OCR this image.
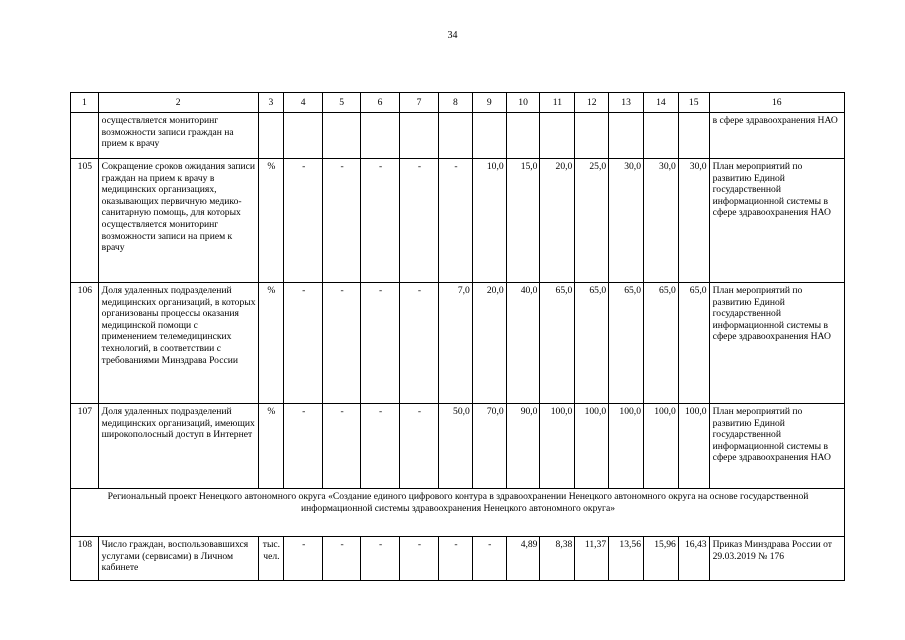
34
1	2	3	4	5	6	7	8	9	10	11	12	13	14	15	16
	осуществляется мониторинг возможности записи граждан на прием к врачу														в сфере здравоохранения НАО
105	Сокращение сроков ожидания записи граждан на прием к врачу в медицинских организациях, оказывающих первичную медико-санитарную помощь, для которых осуществляется мониторинг возможности записи на прием к врачу	%	-	-	-	-	-	10,0	15,0	20,0	25,0	30,0	30,0	30,0	План мероприятий по развитию Единой государственной информационной системы в сфере здравоохранения НАО
106	Доля удаленных подразделений медицинских организаций, в которых организованы процессы оказания медицинской помощи с применением телемедицинских технологий, в соответствии с требованиями Минздрава России	%	-	-	-	-	7,0	20,0	40,0	65,0	65,0	65,0	65,0	65,0	План мероприятий по развитию Единой государственной информационной системы в сфере здравоохранения НАО
107	Доля удаленных подразделений медицинских организаций, имеющих широкополосный доступ в Интернет	%	-	-	-	-	50,0	70,0	90,0	100,0	100,0	100,0	100,0	100,0	План мероприятий по развитию Единой государственной информационной системы в сфере здравоохранения НАО
Региональный проект Ненецкого автономного округа «Создание единого цифрового контура в здравоохранении Ненецкого автономного округа на основе государственной информационной системы здравоохранения Ненецкого автономного округа»															
108	Число граждан, воспользовавшихся услугами (сервисами) в Личном кабинете	тыс. чел.	-	-	-	-	-	-	4,89	8,38	11,37	13,56	15,96	16,43	Приказ Минздрава России от 29.03.2019 № 176
